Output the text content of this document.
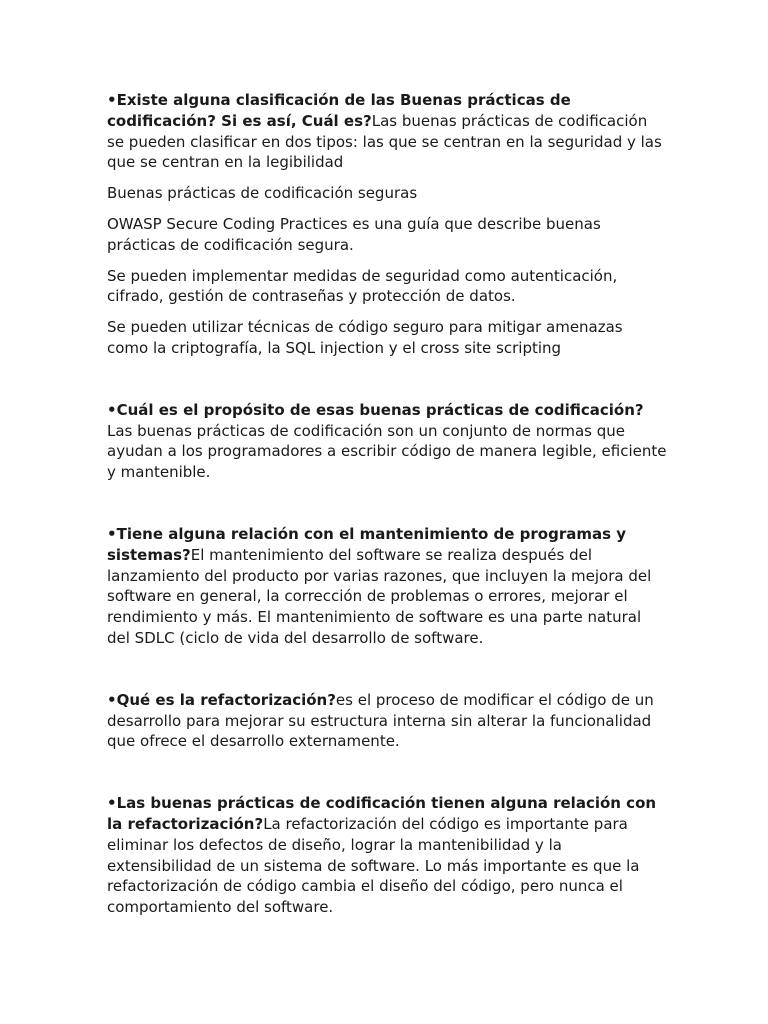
•Existe alguna clasificación de las Buenas prácticas de codificación? Si es así, Cuál es?Las buenas prácticas de codificación se pueden clasificar en dos tipos: las que se centran en la seguridad y las que se centran en la legibilidad

Buenas prácticas de codificación seguras

OWASP Secure Coding Practices es una guía que describe buenas prácticas de codificación segura.

Se pueden implementar medidas de seguridad como autenticación, cifrado, gestión de contraseñas y protección de datos.

Se pueden utilizar técnicas de código seguro para mitigar amenazas como la criptografía, la SQL injection y el cross site scripting

•Cuál es el propósito de esas buenas prácticas de codificación?Las buenas prácticas de codificación son un conjunto de normas que ayudan a los programadores a escribir código de manera legible, eficiente y mantenible.

•Tiene alguna relación con el mantenimiento de programas y sistemas?El mantenimiento del software se realiza después del lanzamiento del producto por varias razones, que incluyen la mejora del software en general, la corrección de problemas o errores, mejorar el rendimiento y más. El mantenimiento de software es una parte natural del SDLC (ciclo de vida del desarrollo de software.

•Qué es la refactorización?es el proceso de modificar el código de un desarrollo para mejorar su estructura interna sin alterar la funcionalidad que ofrece el desarrollo externamente.

•Las buenas prácticas de codificación tienen alguna relación con la refactorización?La refactorización del código es importante para eliminar los defectos de diseño, lograr la mantenibilidad y la extensibilidad de un sistema de software. Lo más importante es que la refactorización de código cambia el diseño del código, pero nunca el comportamiento del software.
